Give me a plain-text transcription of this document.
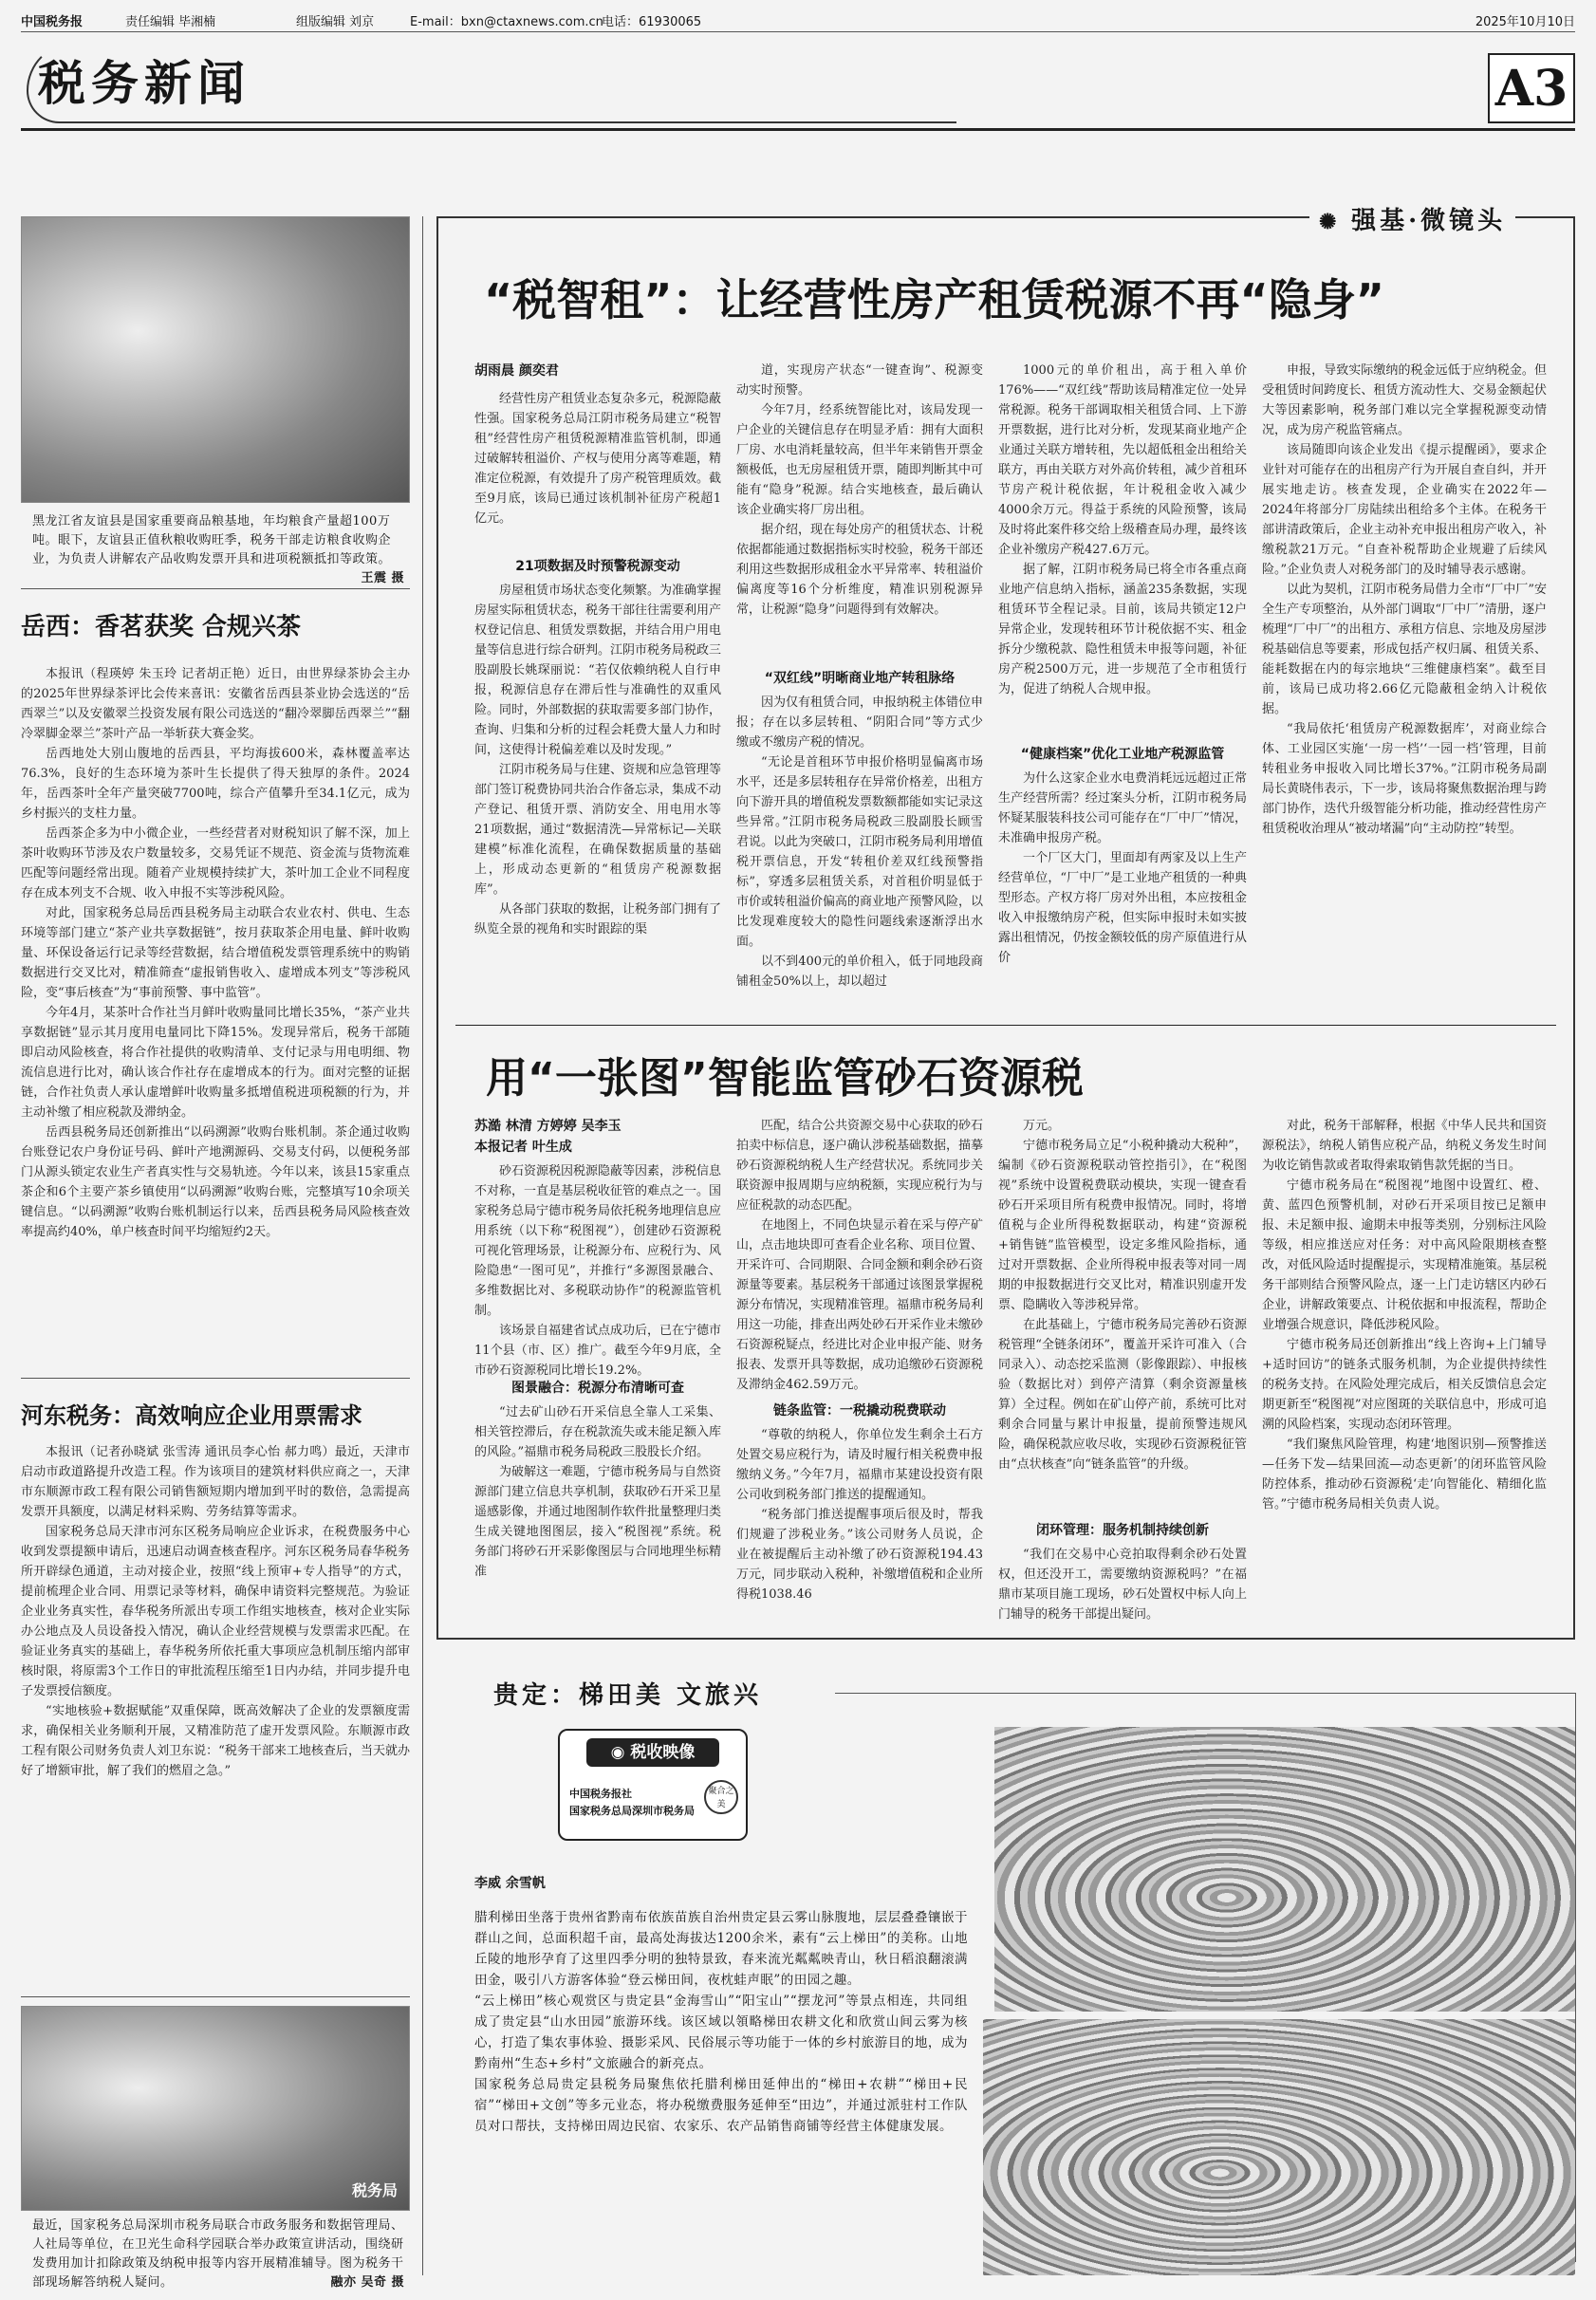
中国税务报	责任编辑 毕湘楠	组版编辑 刘京	E-mail：bxn@ctaxnews.com.cn
电话：61930065	2025年10月10日
税务新闻	A3
黑龙江省友谊县是国家重要商品粮基地，年均粮食产量超100万吨。眼下，友谊县正值秋粮收购旺季，税务干部走访粮食收购企业，为负责人讲解农产品收购发票开具和进项税额抵扣等政策。
王震 摄
岳西：香茗获奖 合规兴茶

本报讯（程瑛婷 朱玉玲 记者胡正艳）近日，由世界绿茶协会主办的2025年世界绿茶评比会传来喜讯：安徽省岳西县茶业协会选送的“岳西翠兰”以及安徽翠兰投资发展有限公司选送的“翻冷翠脚岳西翠兰”“翻冷翠脚金翠兰”茶叶产品一举斩获大赛金奖。

岳西地处大别山腹地的岳西县，平均海拔600米，森林覆盖率达76.3%，良好的生态环境为茶叶生长提供了得天独厚的条件。2024年，岳西茶叶全年产量突破7700吨，综合产值攀升至34.1亿元，成为乡村振兴的支柱力量。

岳西茶企多为中小微企业，一些经营者对财税知识了解不深，加上茶叶收购环节涉及农户数量较多，交易凭证不规范、资金流与货物流难匹配等问题经常出现。随着产业规模持续扩大，茶叶加工企业不同程度存在成本列支不合规、收入申报不实等涉税风险。

对此，国家税务总局岳西县税务局主动联合农业农村、供电、生态环境等部门建立“茶产业共享数据链”，按月获取茶企用电量、鲜叶收购量、环保设备运行记录等经营数据，结合增值税发票管理系统中的购销数据进行交叉比对，精准筛查“虚报销售收入、虚增成本列支”等涉税风险，变“事后核查”为“事前预警、事中监管”。

今年4月，某茶叶合作社当月鲜叶收购量同比增长35%，“茶产业共享数据链”显示其月度用电量同比下降15%。发现异常后，税务干部随即启动风险核查，将合作社提供的收购清单、支付记录与用电明细、物流信息进行比对，确认该合作社存在虚增成本的行为。面对完整的证据链，合作社负责人承认虚增鲜叶收购量多抵增值税进项税额的行为，并主动补缴了相应税款及滞纳金。

岳西县税务局还创新推出“以码溯源”收购台账机制。茶企通过收购台账登记农户身份证号码、鲜叶产地溯源码、交易支付码，以便税务部门从源头锁定农业生产者真实性与交易轨迹。今年以来，该县15家重点茶企和6个主要产茶乡镇使用“以码溯源”收购台账，完整填写10余项关键信息。“以码溯源”收购台账机制运行以来，岳西县税务局风险核查效率提高约40%，单户核查时间平均缩短约2天。

河东税务：高效响应企业用票需求

本报讯（记者孙晓斌 张雪涛 通讯员李心怡 郝力鸣）最近，天津市启动市政道路提升改造工程。作为该项目的建筑材料供应商之一，天津市东顺源市政工程有限公司销售额短期内增加到平时的数倍，急需提高发票开具额度，以满足材料采购、劳务结算等需求。

国家税务总局天津市河东区税务局响应企业诉求，在税费服务中心收到发票提额申请后，迅速启动调查核查程序。河东区税务局春华税务所开辟绿色通道，主动对接企业，按照“线上预审+专人指导”的方式，提前梳理企业合同、用票记录等材料，确保申请资料完整规范。为验证企业业务真实性，春华税务所派出专项工作组实地核查，核对企业实际办公地点及人员设备投入情况，确认企业经营规模与发票需求匹配。在验证业务真实的基础上，春华税务所依托重大事项应急机制压缩内部审核时限，将原需3个工作日的审批流程压缩至1日内办结，并同步提升电子发票授信额度。

“实地核验+数据赋能”双重保障，既高效解决了企业的发票额度需求，确保相关业务顺利开展，又精准防范了虚开发票风险。东顺源市政工程有限公司财务负责人刘卫东说：“税务干部来工地核查后，当天就办好了增额审批，解了我们的燃眉之急。”

税务局
最近，国家税务总局深圳市税务局联合市政务服务和数据管理局、人社局等单位，在卫光生命科学园联合举办政策宣讲活动，围绕研发费用加计扣除政策及纳税申报等内容开展精准辅导。图为税务干部现场解答纳税人疑问。	融亦 吴奇 摄
✺ 强基·微镜头
“税智租”：让经营性房产租赁税源不再“隐身”
胡雨晨 颜奕君
经营性房产租赁业态复杂多元，税源隐蔽性强。国家税务总局江阴市税务局建立“税智租”经营性房产租赁税源精准监管机制，即通过破解转租溢价、产权与使用分离等难题，精准定位税源，有效提升了房产税管理质效。截至9月底，该局已通过该机制补征房产税超1亿元。
21项数据及时预警税源变动

房屋租赁市场状态变化频繁。为准确掌握房屋实际租赁状态，税务干部往往需要利用产权登记信息、租赁发票数据，并结合用户用电量等信息进行综合研判。江阴市税务局税政三股副股长姚琛丽说：“若仅依赖纳税人自行申报，税源信息存在滞后性与准确性的双重风险。同时，外部数据的获取需要多部门协作，查询、归集和分析的过程会耗费大量人力和时间，这使得计税偏差难以及时发现。”

江阴市税务局与住建、资规和应急管理等部门签订税费协同共治合作备忘录，集成不动产登记、租赁开票、消防安全、用电用水等21项数据，通过“数据清洗—异常标记—关联建模”标准化流程，在确保数据质量的基础上，形成动态更新的“租赁房产税源数据库”。

从各部门获取的数据，让税务部门拥有了纵览全景的视角和实时跟踪的渠

道，实现房产状态“一键查询”、税源变动实时预警。

今年7月，经系统智能比对，该局发现一户企业的关键信息存在明显矛盾：拥有大面积厂房、水电消耗量较高，但半年来销售开票金额极低，也无房屋租赁开票，随即判断其中可能有“隐身”税源。结合实地核查，最后确认该企业确实将厂房出租。

据介绍，现在每处房产的租赁状态、计税依据都能通过数据指标实时校验，税务干部还利用这些数据形成租金水平异常率、转租溢价偏离度等16个分析维度，精准识别税源异常，让税源“隐身”问题得到有效解决。

“双红线”明晰商业地产转租脉络

因为仅有租赁合同，申报纳税主体错位申报；存在以多层转租、“阴阳合同”等方式少缴或不缴房产税的情况。

“无论是首租环节申报价格明显偏离市场水平，还是多层转租存在异常价格差，出租方向下游开具的增值税发票数额都能如实记录这些异常。”江阴市税务局税政三股副股长顾雪君说。以此为突破口，江阴市税务局利用增值税开票信息，开发“转租价差双红线预警指标”，穿透多层租赁关系，对首租价明显低于市价或转租溢价偏高的商业地产预警风险，以比发现难度较大的隐性问题线索逐渐浮出水面。

以不到400元的单价租入，低于同地段商铺租金50%以上，却以超过

1000元的单价租出，高于租入单价176%——“双红线”帮助该局精准定位一处异常税源。税务干部调取相关租赁合同、上下游开票数据，进行比对分析，发现某商业地产企业通过关联方增转租，先以超低租金出租给关联方，再由关联方对外高价转租，减少首租环节房产税计税依据，年计税租金收入减少4000余万元。得益于系统的风险预警，该局及时将此案件移交给上级稽查局办理，最终该企业补缴房产税427.6万元。

据了解，江阴市税务局已将全市各重点商业地产信息纳入指标，涵盖235条数据，实现租赁环节全程记录。目前，该局共锁定12户异常企业，发现转租环节计税依据不实、租金拆分少缴税款、隐性租赁未申报等问题，补征房产税2500万元，进一步规范了全市租赁行为，促进了纳税人合规申报。

“健康档案”优化工业地产税源监管

为什么这家企业水电费消耗远远超过正常生产经营所需？经过案头分析，江阴市税务局怀疑某服装科技公司可能存在“厂中厂”情况，未准确申报房产税。

一个厂区大门，里面却有两家及以上生产经营单位，“厂中厂”是工业地产租赁的一种典型形态。产权方将厂房对外出租，本应按租金收入申报缴纳房产税，但实际申报时未如实披露出租情况，仍按金额较低的房产原值进行从价

申报，导致实际缴纳的税金远低于应纳税金。但受租赁时间跨度长、租赁方流动性大、交易金额起伏大等因素影响，税务部门难以完全掌握税源变动情况，成为房产税监管痛点。

该局随即向该企业发出《提示提醒函》，要求企业针对可能存在的出租房产行为开展自查自纠，并开展实地走访。核查发现，企业确实在2022年—2024年将部分厂房陆续出租给多个主体。在税务干部讲清政策后，企业主动补充申报出租房产收入，补缴税款21万元。“自查补税帮助企业规避了后续风险。”企业负责人对税务部门的及时辅导表示感谢。

以此为契机，江阴市税务局借力全市“厂中厂”安全生产专项整治，从外部门调取“厂中厂”清册，逐户梳理“厂中厂”的出租方、承租方信息、宗地及房屋涉税基础信息等要素，形成包括产权归属、租赁关系、能耗数据在内的每宗地块“三维健康档案”。截至目前，该局已成功将2.66亿元隐蔽租金纳入计税依据。

“我局依托‘租赁房产税源数据库’，对商业综合体、工业园区实施‘一房一档’‘一园一档’管理，目前转租业务申报收入同比增长37%。”江阴市税务局副局长黄晓伟表示，下一步，该局将聚焦数据治理与跨部门协作，迭代升级智能分析功能，推动经营性房产租赁税收治理从“被动堵漏”向“主动防控”转型。

用“一张图”智能监管砂石资源税
苏澔 林清 方婷婷 吴李玉
本报记者 叶生成

砂石资源税因税源隐蔽等因素，涉税信息不对称，一直是基层税收征管的难点之一。国家税务总局宁德市税务局依托税务地理信息应用系统（以下称“税图视”），创建砂石资源税可视化管理场景，让税源分布、应税行为、风险隐患“一图可见”，并推行“多源图景融合、多维数据比对、多税联动协作”的税源监管机制。

该场景自福建省试点成功后，已在宁德市11个县（市、区）推广。截至今年9月底，全市砂石资源税同比增长19.2%。

图景融合：税源分布清晰可查

“过去矿山砂石开采信息全靠人工采集、相关管控滞后，存在税款流失或未能足额入库的风险。”福鼎市税务局税政三股股长介绍。

为破解这一难题，宁德市税务局与自然资源部门建立信息共享机制，获取砂石开采卫星遥感影像，并通过地图制作软件批量整理归类生成关键地图图层，接入“税图视”系统。税务部门将砂石开采影像图层与合同地理坐标精准

匹配，结合公共资源交易中心获取的砂石拍卖中标信息，逐户确认涉税基础数据，描摹砂石资源税纳税人生产经营状况。系统同步关联资源申报周期与应纳税额，实现应税行为与应征税款的动态匹配。

在地图上，不同色块显示着在采与停产矿山，点击地块即可查看企业名称、项目位置、开采许可、合同期限、合同金额和剩余砂石资源量等要素。基层税务干部通过该图景掌握税源分布情况，实现精准管理。福鼎市税务局利用这一功能，排查出两处砂石开采作业未缴砂石资源税疑点，经进比对企业申报产能、财务报表、发票开具等数据，成功追缴砂石资源税及滞纳金462.59万元。

链条监管：一税撬动税费联动

“尊敬的纳税人，你单位发生剩余土石方处置交易应税行为，请及时履行相关税费申报缴纳义务。”今年7月，福鼎市某建设投资有限公司收到税务部门推送的提醒通知。

“税务部门推送提醒事项后很及时，帮我们规避了涉税业务。”该公司财务人员说，企业在被提醒后主动补缴了砂石资源税194.43万元，同步联动入税种，补缴增值税和企业所得税1038.46

万元。

宁德市税务局立足“小税种撬动大税种”，编制《砂石资源税联动管控指引》，在“税图视”系统中设置税费联动模块，实现一键查看砂石开采项目所有税费申报情况。同时，将增值税与企业所得税数据联动，构建“资源税+销售链”监管模型，设定多维风险指标，通过对开票数据、企业所得税申报表等对同一周期的申报数据进行交叉比对，精准识别虚开发票、隐瞒收入等涉税异常。

在此基础上，宁德市税务局完善砂石资源税管理“全链条闭环”，覆盖开采许可准入（合同录入）、动态挖采监测（影像跟踪）、申报核验（数据比对）到停产清算（剩余资源量核算）全过程。例如在矿山停产前，系统可比对剩余合同量与累计申报量，提前预警违规风险，确保税款应收尽收，实现砂石资源税征管由“点状核查”向“链条监管”的升级。

闭环管理：服务机制持续创新

“我们在交易中心竞拍取得剩余砂石处置权，但还没开工，需要缴纳资源税吗？”在福鼎市某项目施工现场，砂石处置权中标人向上门辅导的税务干部提出疑问。

对此，税务干部解释，根据《中华人民共和国资源税法》，纳税人销售应税产品，纳税义务发生时间为收讫销售款或者取得索取销售款凭据的当日。

宁德市税务局在“税图视”地图中设置红、橙、黄、蓝四色预警机制，对砂石开采项目按已足额申报、未足额申报、逾期未申报等类别，分别标注风险等级，相应推送应对任务：对中高风险限期核查整改，对低风险适时提醒提示，实现精准施策。基层税务干部则结合预警风险点，逐一上门走访辖区内砂石企业，讲解政策要点、计税依据和申报流程，帮助企业增强合规意识，降低涉税风险。

宁德市税务局还创新推出“线上咨询+上门辅导+适时回访”的链条式服务机制，为企业提供持续性的税务支持。在风险处理完成后，相关反馈信息会定期更新至“税图视”对应图斑的关联信息中，形成可追溯的风险档案，实现动态闭环管理。

“我们聚焦风险管理，构建‘地图识别—预警推送—任务下发—结果回流—动态更新’的闭环监管风险防控体系，推动砂石资源税‘走’向智能化、精细化监管。”宁德市税务局相关负责人说。

贵定：梯田美 文旅兴
◉ 税收映像
中国税务报社
国家税务总局深圳市税务局
聚合之美
李威 余雪帆

腊利梯田坐落于贵州省黔南布依族苗族自治州贵定县云雾山脉腹地，层层叠叠镶嵌于群山之间，总面积超千亩，最高处海拔达1200余米，素有“云上梯田”的美称。山地丘陵的地形孕育了这里四季分明的独特景致，春来流光粼粼映青山，秋日稻浪翻滚满田金，吸引八方游客体验“登云梯田间，夜枕蛙声眠”的田园之趣。

“云上梯田”核心观赏区与贵定县“金海雪山”“阳宝山”“摆龙河”等景点相连，共同组成了贵定县“山水田园”旅游环线。该区域以領略梯田农耕文化和欣赏山间云雾为核心，打造了集农事体验、摄影采风、民俗展示等功能于一体的乡村旅游目的地，成为黔南州“生态+乡村”文旅融合的新亮点。

国家税务总局贵定县税务局聚焦依托腊利梯田延伸出的“梯田+农耕”“梯田+民宿”“梯田+文创”等多元业态，将办税缴费服务延伸至“田边”，并通过派驻村工作队员对口帮扶，支持梯田周边民宿、农家乐、农产品销售商铺等经营主体健康发展。
